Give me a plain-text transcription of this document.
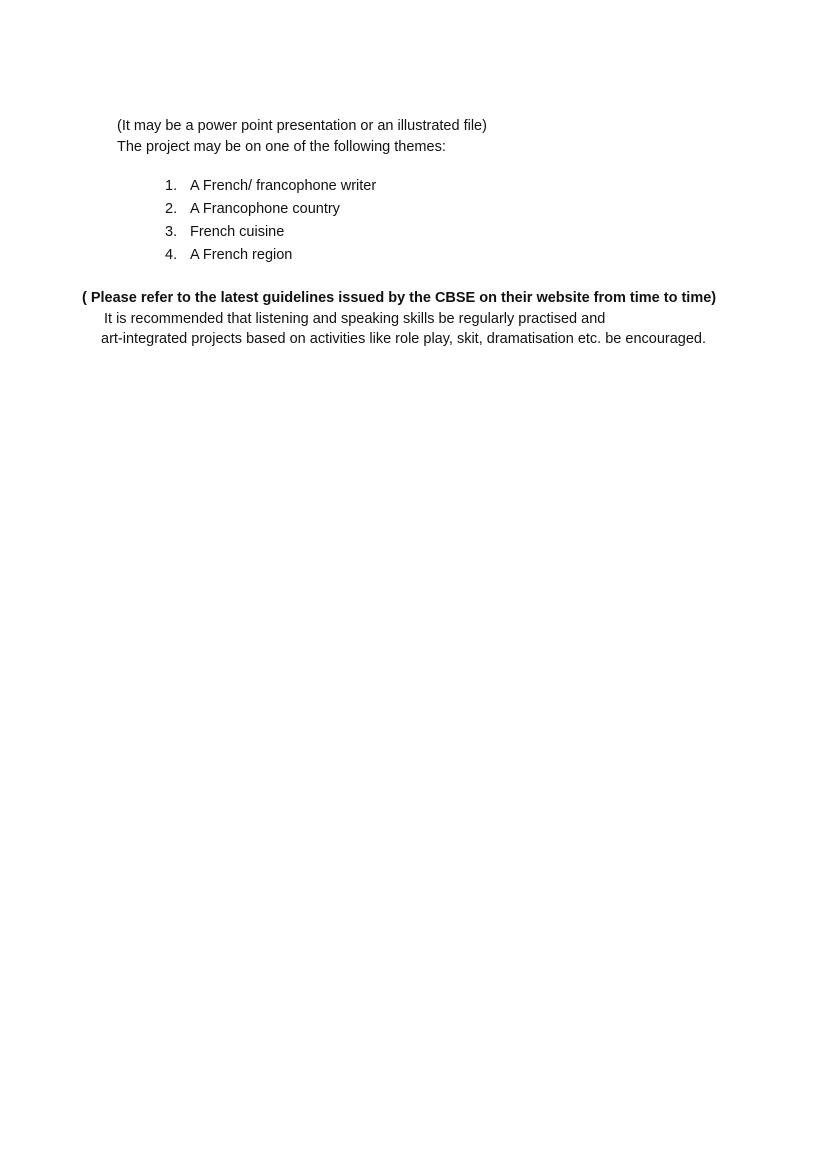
(It may be a power point presentation or an illustrated file)
The project may be on one of the following themes:
1. A French/ francophone writer
2. A Francophone country
3. French cuisine
4. A French region
( Please refer to the latest guidelines issued by the CBSE on their website from time to time)
It is recommended that listening and speaking skills be regularly practised and
art-integrated projects based on activities like role play, skit, dramatisation etc. be encouraged.
